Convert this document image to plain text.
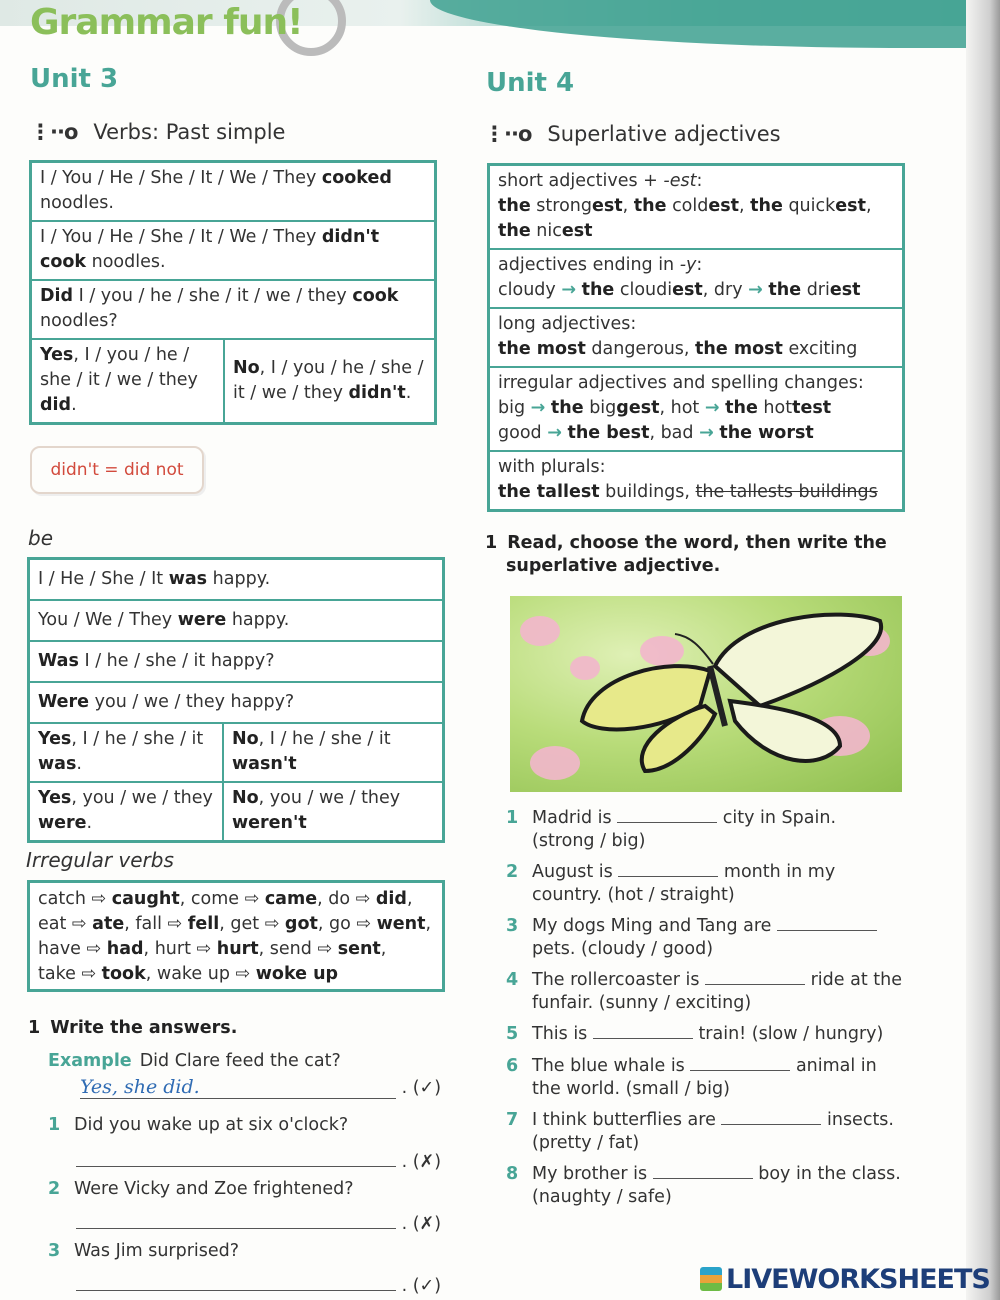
Grammar fun!
Unit 3
⋮··o Verbs: Past simple
I / You / He / She / It / We / They cooked noodles.
I / You / He / She / It / We / They didn't cook noodles.
Did I / you / he / she / it / we / they cook noodles?
Yes, I / you / he / she / it / we / they did.	No, I / you / he / she / it / we / they didn't.
didn't = did not
be
I / He / She / It was happy.	
You / We / They were happy.	
Was I / he / she / it happy?	
Were you / we / they happy?	
Yes, I / he / she / it was.	No, I / he / she / it wasn't
Yes, you / we / they were.	No, you / we / they weren't
Irregular verbs
catch ⇨ caught, come ⇨ came, do ⇨ did,
eat ⇨ ate, fall ⇨ fell, get ⇨ got, go ⇨ went,
have ⇨ had, hurt ⇨ hurt, send ⇨ sent,
take ⇨ took, wake up ⇨ woke up
1 Write the answers.
Example Did Clare feed the cat?
Yes, she did.	. (✓)
1 Did you wake up at six o'clock?
. (✗)
2 Were Vicky and Zoe frightened?
. (✗)
3 Was Jim surprised?
. (✓)
Unit 4
⋮··o Superlative adjectives
short adjectives + -est:
the strongest, the coldest, the quickest,
the nicest
adjectives ending in -y:
cloudy → the cloudiest, dry → the driest
long adjectives:
the most dangerous, the most exciting
irregular adjectives and spelling changes:
big → the biggest, hot → the hottest
good → the best, bad → the worst
with plurals:
the tallest buildings, the tallests buildings
1 Read, choose the word, then write the
superlative adjective.
1 Madrid is	city in Spain.
(strong / big)
2 August is	month in my
country. (hot / straight)
3 My dogs Ming and Tang are
pets. (cloudy / good)
4 The rollercoaster is	ride at the
funfair. (sunny / exciting)
5 This is	train! (slow / hungry)
6 The blue whale is	animal in
the world. (small / big)
7 I think butterflies are	insects.
(pretty / fat)
8 My brother is	boy in the class.
(naughty / safe)
LIVEWORKSHEETS
